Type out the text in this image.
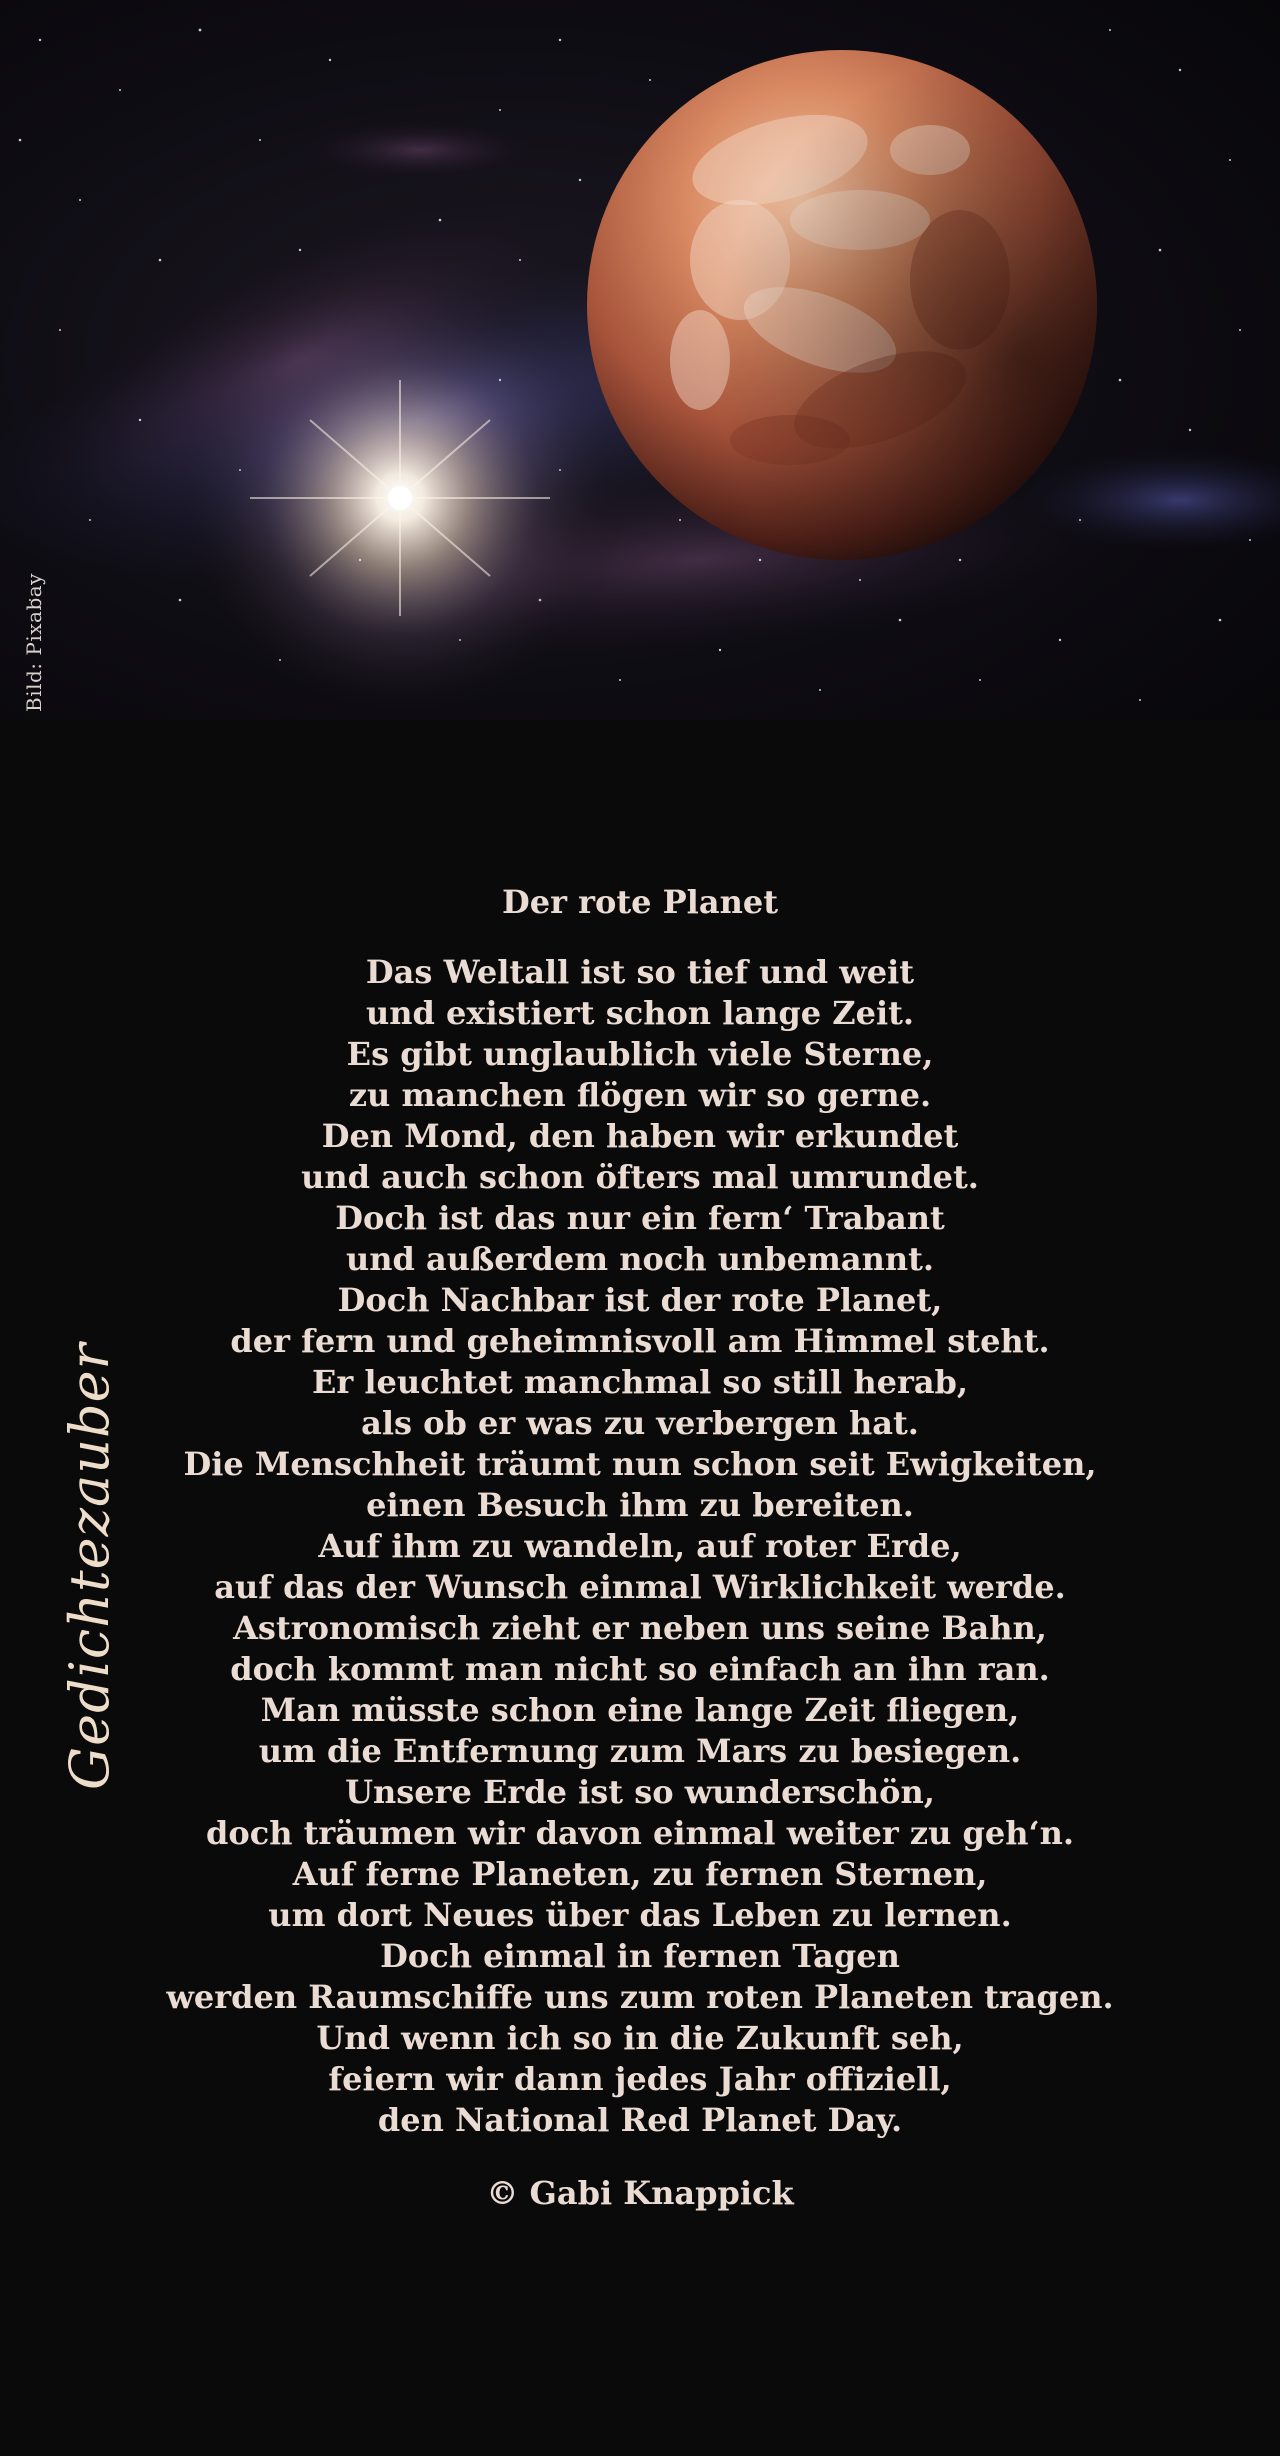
Bild: Pixabay
Gedichtezauber
Der rote Planet
Das Weltall ist so tief und weit
und existiert schon lange Zeit.
Es gibt unglaublich viele Sterne,
zu manchen flögen wir so gerne.
Den Mond, den haben wir erkundet
und auch schon öfters mal umrundet.
Doch ist das nur ein fern‘ Trabant
und außerdem noch unbemannt.
Doch Nachbar ist der rote Planet,
der fern und geheimnisvoll am Himmel steht.
Er leuchtet manchmal so still herab,
als ob er was zu verbergen hat.
Die Menschheit träumt nun schon seit Ewigkeiten,
einen Besuch ihm zu bereiten.
Auf ihm zu wandeln, auf roter Erde,
auf das der Wunsch einmal Wirklichkeit werde.
Astronomisch zieht er neben uns seine Bahn,
doch kommt man nicht so einfach an ihn ran.
Man müsste schon eine lange Zeit fliegen,
um die Entfernung zum Mars zu besiegen.
Unsere Erde ist so wunderschön,
doch träumen wir davon einmal weiter zu geh‘n.
Auf ferne Planeten, zu fernen Sternen,
um dort Neues über das Leben zu lernen.
Doch einmal in fernen Tagen
werden Raumschiffe uns zum roten Planeten tragen.
Und wenn ich so in die Zukunft seh,
feiern wir dann jedes Jahr offiziell,
den National Red Planet Day.
© Gabi Knappick
